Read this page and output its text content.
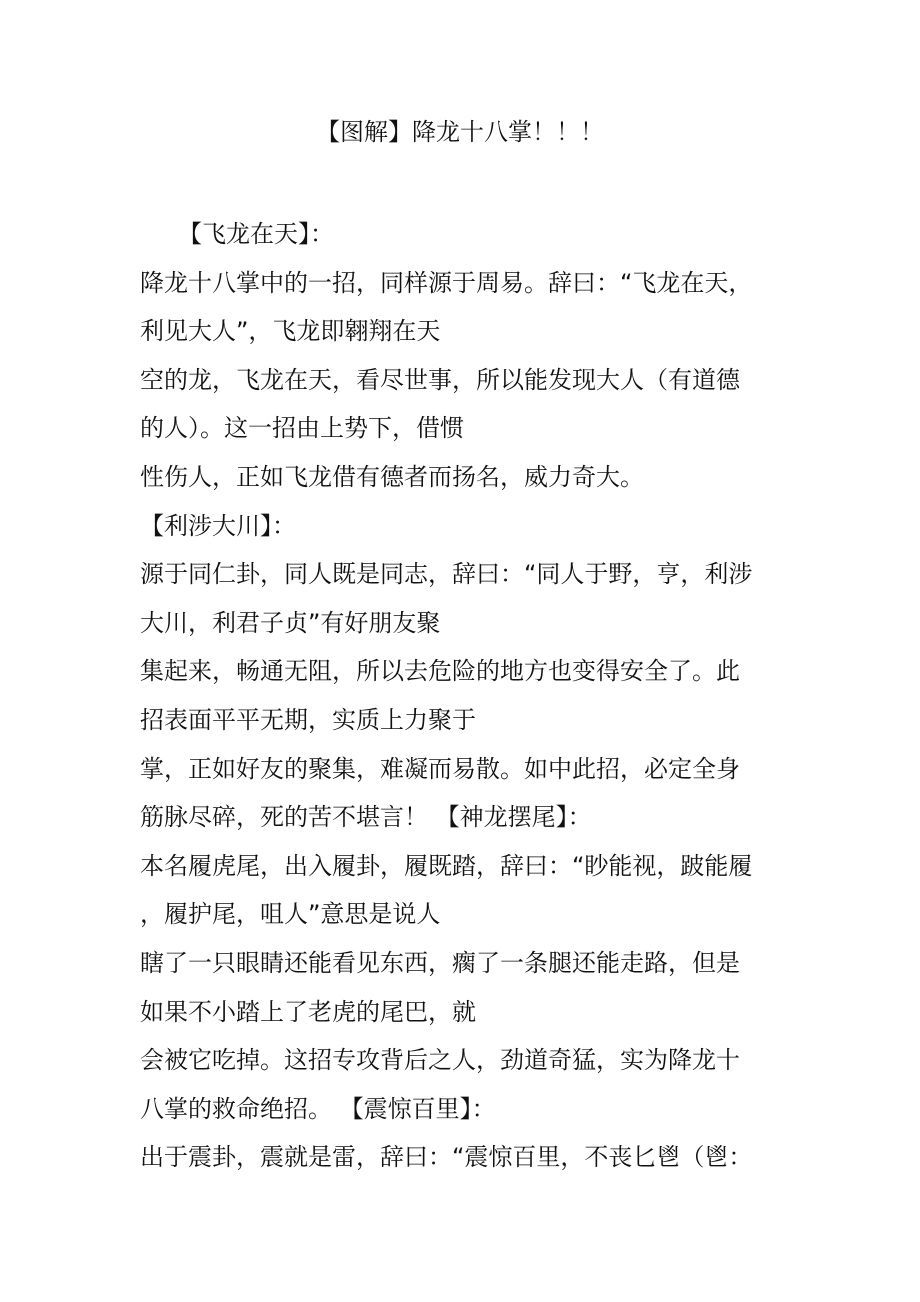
【图解】降龙十八掌！！！
【飞龙在天】：
降龙十八掌中的一招，同样源于周易。辞曰：“飞龙在天，
利见大人”，飞龙即翱翔在天
空的龙，飞龙在天，看尽世事，所以能发现大人（有道德
的人）。这一招由上势下，借惯
性伤人，正如飞龙借有德者而扬名，威力奇大。
【利涉大川】：
源于同仁卦，同人既是同志，辞曰：“同人于野，亨，利涉
大川，利君子贞”有好朋友聚
集起来，畅通无阻，所以去危险的地方也变得安全了。此
招表面平平无期，实质上力聚于
掌，正如好友的聚集，难凝而易散。如中此招，必定全身
筋脉尽碎，死的苦不堪言！ 【神龙摆尾】：
本名履虎尾，出入履卦，履既踏，辞曰：“眇能视，跛能履
，履护尾，咀人”意思是说人
瞎了一只眼睛还能看见东西，瘸了一条腿还能走路，但是
如果不小踏上了老虎的尾巴，就
会被它吃掉。这招专攻背后之人，劲道奇猛，实为降龙十
八掌的救命绝招。 【震惊百里】：
出于震卦，震就是雷，辞曰：“震惊百里，不丧匕鬯（鬯：
